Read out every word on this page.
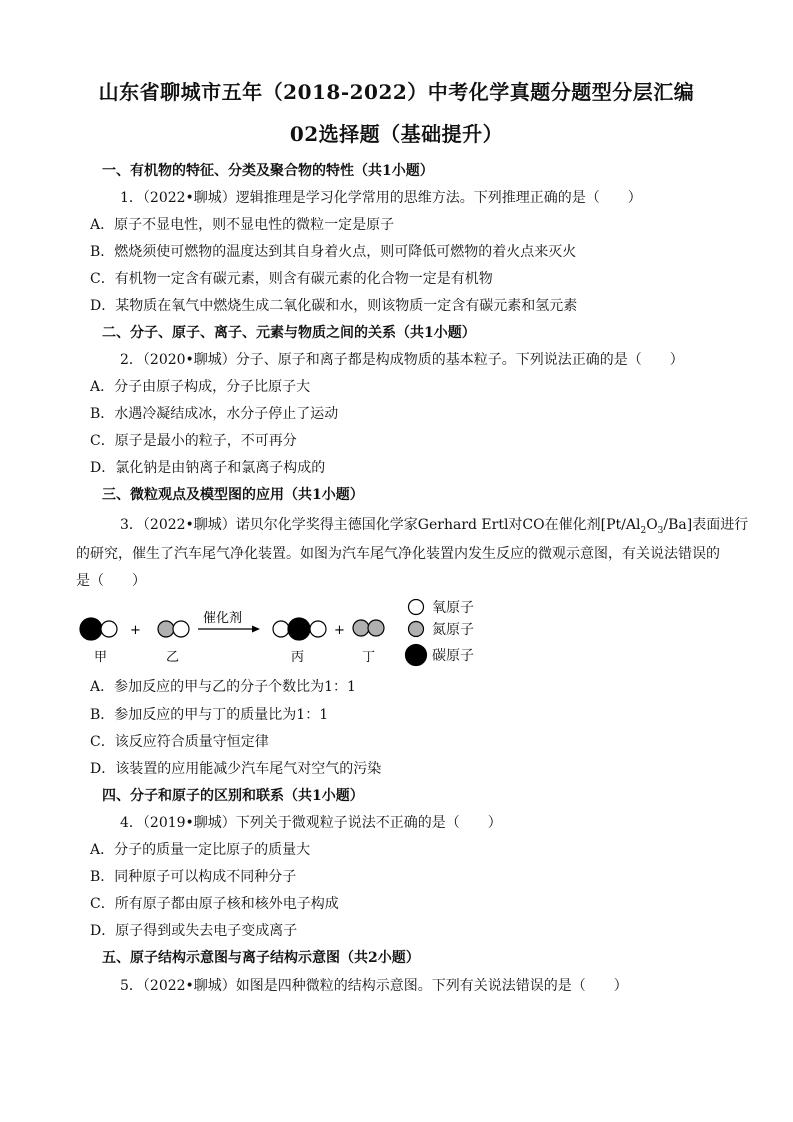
山东省聊城市五年（2018-2022）中考化学真题分题型分层汇编
02选择题（基础提升）
一、有机物的特征、分类及聚合物的特性（共1小题）
1．（2022•聊城）逻辑推理是学习化学常用的思维方法。下列推理正确的是（　　）
A．原子不显电性，则不显电性的微粒一定是原子
B．燃烧须使可燃物的温度达到其自身着火点，则可降低可燃物的着火点来灭火
C．有机物一定含有碳元素，则含有碳元素的化合物一定是有机物
D．某物质在氧气中燃烧生成二氧化碳和水，则该物质一定含有碳元素和氢元素
二、分子、原子、离子、元素与物质之间的关系（共1小题）
2．（2020•聊城）分子、原子和离子都是构成物质的基本粒子。下列说法正确的是（　　）
A．分子由原子构成，分子比原子大
B．水遇冷凝结成冰，水分子停止了运动
C．原子是最小的粒子，不可再分
D．氯化钠是由钠离子和氯离子构成的
三、微粒观点及模型图的应用（共1小题）
3．（2022•聊城）诺贝尔化学奖得主德国化学家Gerhard Ertl对CO在催化剂$[Pt/Al_2O_3/Ba]$表面进行
的研究，催生了汽车尾气净化装置。如图为汽车尾气净化装置内发生反应的微观示意图，有关说法错误的
是（　　）
+
催化剂
+
甲	乙	丙	丁
氧原子
氮原子
碳原子
A．参加反应的甲与乙的分子个数比为1：1
B．参加反应的甲与丁的质量比为1：1
C．该反应符合质量守恒定律
D．该装置的应用能减少汽车尾气对空气的污染
四、分子和原子的区别和联系（共1小题）
4．（2019•聊城）下列关于微观粒子说法不正确的是（　　）
A．分子的质量一定比原子的质量大
B．同种原子可以构成不同种分子
C．所有原子都由原子核和核外电子构成
D．原子得到或失去电子变成离子
五、原子结构示意图与离子结构示意图（共2小题）
5．（2022•聊城）如图是四种微粒的结构示意图。下列有关说法错误的是（　　）
